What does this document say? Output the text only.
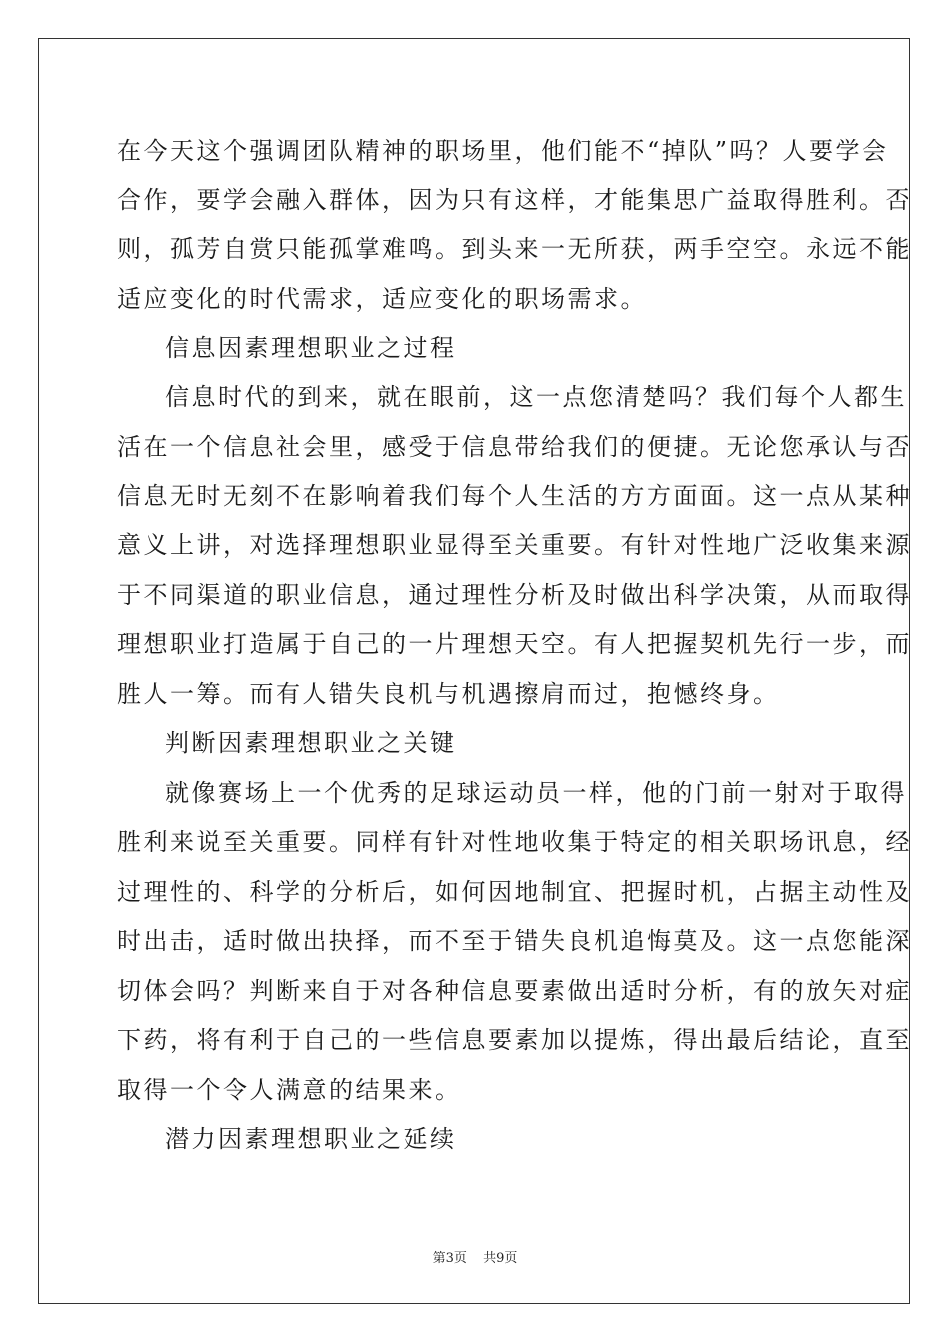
在今天这个强调团队精神的职场里，他们能不“掉队”吗？人要学会
合作，要学会融入群体，因为只有这样，才能集思广益取得胜利。否
则，孤芳自赏只能孤掌难鸣。到头来一无所获，两手空空。永远不能
适应变化的时代需求，适应变化的职场需求。
信息因素理想职业之过程
信息时代的到来，就在眼前，这一点您清楚吗？我们每个人都生
活在一个信息社会里，感受于信息带给我们的便捷。无论您承认与否
信息无时无刻不在影响着我们每个人生活的方方面面。这一点从某种
意义上讲，对选择理想职业显得至关重要。有针对性地广泛收集来源
于不同渠道的职业信息，通过理性分析及时做出科学决策，从而取得
理想职业打造属于自己的一片理想天空。有人把握契机先行一步，而
胜人一筹。而有人错失良机与机遇擦肩而过，抱憾终身。
判断因素理想职业之关键
就像赛场上一个优秀的足球运动员一样，他的门前一射对于取得
胜利来说至关重要。同样有针对性地收集于特定的相关职场讯息，经
过理性的、科学的分析后，如何因地制宜、把握时机，占据主动性及
时出击，适时做出抉择，而不至于错失良机追悔莫及。这一点您能深
切体会吗？判断来自于对各种信息要素做出适时分析，有的放矢对症
下药，将有利于自己的一些信息要素加以提炼，得出最后结论，直至
取得一个令人满意的结果来。
潜力因素理想职业之延续
第3页 共9页
